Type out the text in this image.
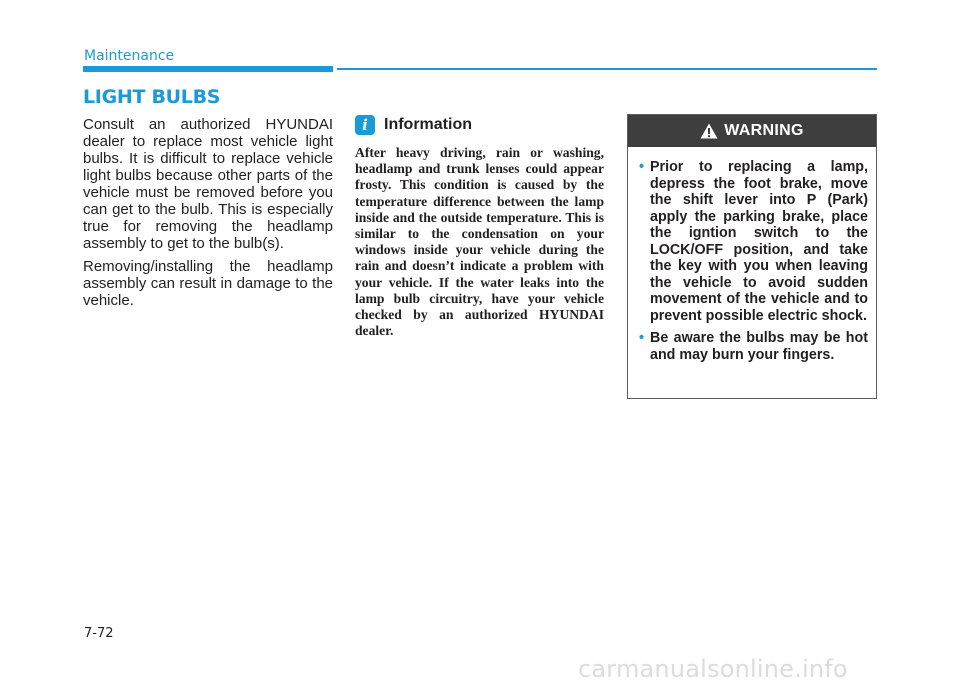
Maintenance
LIGHT BULBS

Consult an authorized HYUNDAI dealer to replace most vehicle light bulbs. It is difficult to replace vehicle light bulbs because other parts of the vehicle must be removed before you can get to the bulb. This is especially true for removing the headlamp assembly to get to the bulb(s).

Removing/installing the headlamp assembly can result in damage to the vehicle.

i	Information

After heavy driving, rain or washing, headlamp and trunk lenses could appear frosty. This condition is caused by the temperature difference between the lamp inside and the outside temperature. This is similar to the condensation on your windows inside your vehicle during the rain and doesn’t indicate a problem with your vehicle. If the water leaks into the lamp bulb circuitry, have your vehicle checked by an authorized HYUNDAI dealer.

WARNING
• Prior to replacing a lamp, depress the foot brake, move the shift lever into P (Park) apply the parking brake, place the igntion switch to the LOCK/OFF position, and take the key with you when leaving the vehicle to avoid sudden movement of the vehicle and to prevent possible electric shock.
• Be aware the bulbs may be hot and may burn your fingers.
7-72
carmanualsonline.info
